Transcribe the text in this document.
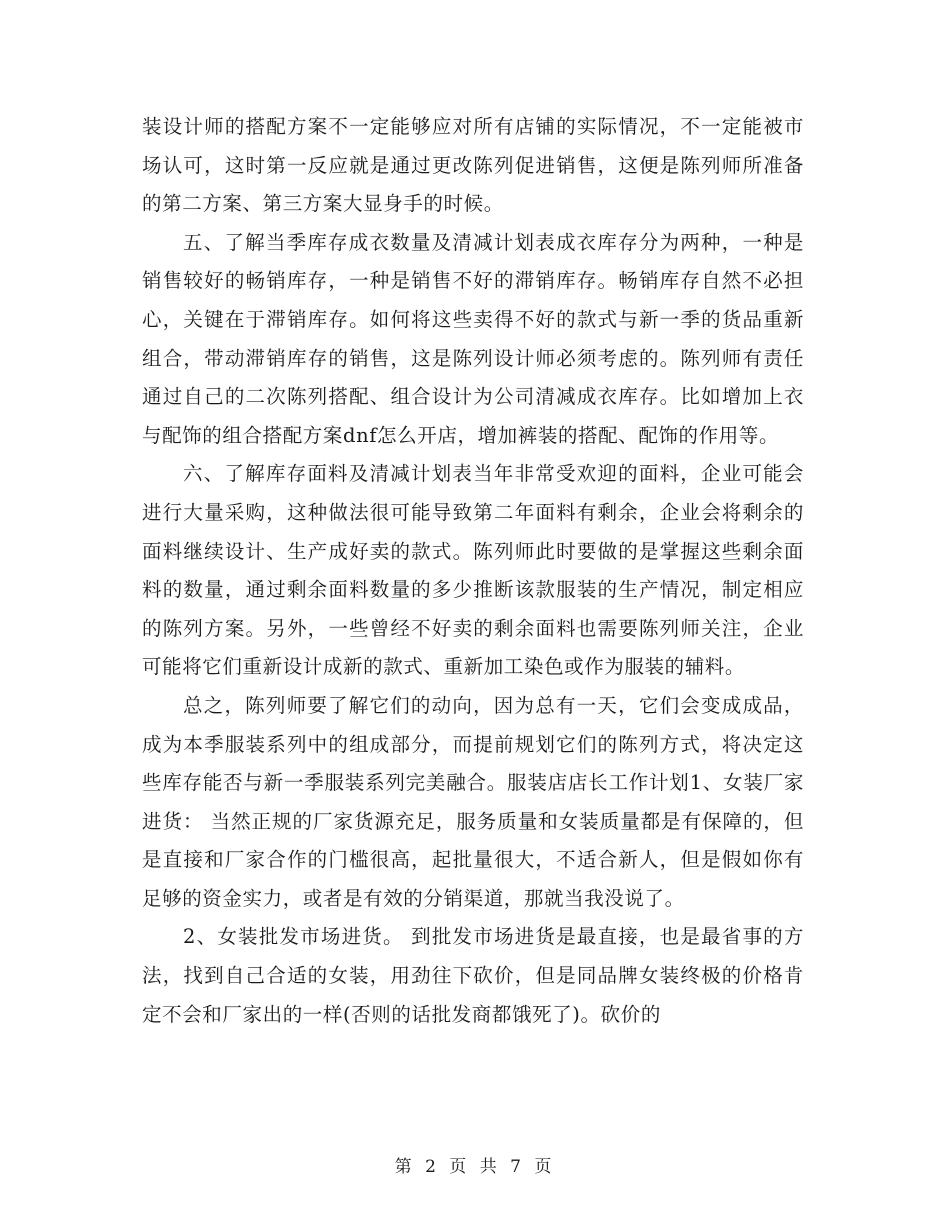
装设计师的搭配方案不一定能够应对所有店铺的实际情况，不一定能被市场认可，这时第一反应就是通过更改陈列促进销售，这便是陈列师所准备的第二方案、第三方案大显身手的时候。

五、了解当季库存成衣数量及清减计划表成衣库存分为两种，一种是销售较好的畅销库存，一种是销售不好的滞销库存。畅销库存自然不必担心，关键在于滞销库存。如何将这些卖得不好的款式与新一季的货品重新组合，带动滞销库存的销售，这是陈列设计师必须考虑的。陈列师有责任通过自己的二次陈列搭配、组合设计为公司清减成衣库存。比如增加上衣与配饰的组合搭配方案dnf怎么开店，增加裤装的搭配、配饰的作用等。

六、了解库存面料及清减计划表当年非常受欢迎的面料，企业可能会进行大量采购，这种做法很可能导致第二年面料有剩余，企业会将剩余的面料继续设计、生产成好卖的款式。陈列师此时要做的是掌握这些剩余面料的数量，通过剩余面料数量的多少推断该款服装的生产情况，制定相应的陈列方案。另外，一些曾经不好卖的剩余面料也需要陈列师关注，企业可能将它们重新设计成新的款式、重新加工染色或作为服装的辅料。

总之，陈列师要了解它们的动向，因为总有一天，它们会变成成品，成为本季服装系列中的组成部分，而提前规划它们的陈列方式，将决定这些库存能否与新一季服装系列完美融合。服装店店长工作计划1、女装厂家进货： 当然正规的厂家货源充足，服务质量和女装质量都是有保障的，但是直接和厂家合作的门槛很高，起批量很大，不适合新人，但是假如你有足够的资金实力，或者是有效的分销渠道，那就当我没说了。

2、女装批发市场进货。 到批发市场进货是最直接，也是最省事的方法，找到自己合适的女装，用劲往下砍价，但是同品牌女装终极的价格肯定不会和厂家出的一样(否则的话批发商都饿死了)。砍价的

第 2 页 共 7 页
